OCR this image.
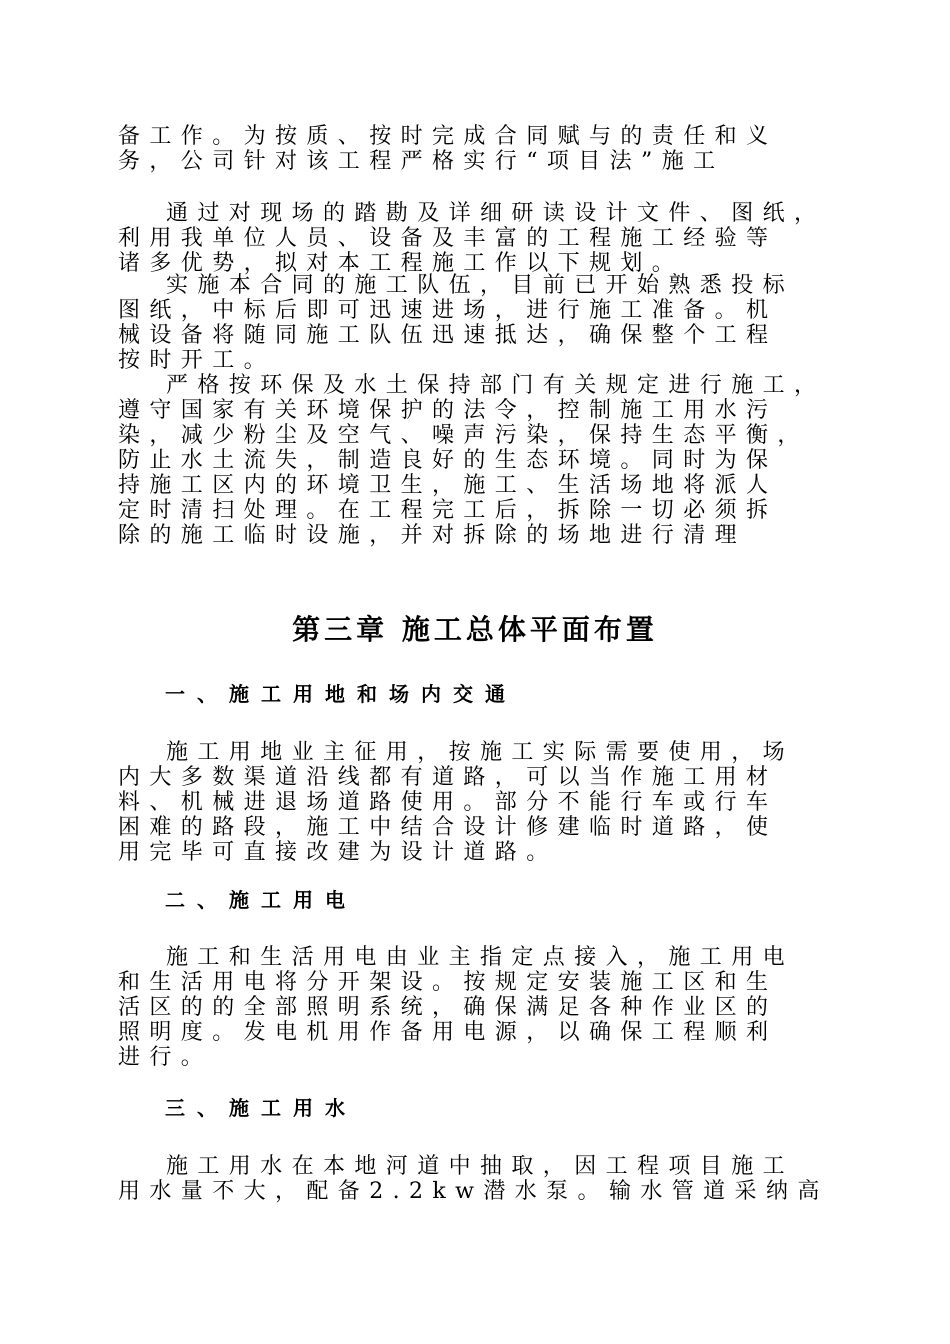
备工作。为按质、按时完成合同赋与的责任和义
务，公司针对该工程严格实行“项目法”施工
通过对现场的踏勘及详细研读设计文件、图纸，
利用我单位人员、设备及丰富的工程施工经验等
诸多优势，拟对本工程施工作以下规划。
实施本合同的施工队伍，目前已开始熟悉投标
图纸，中标后即可迅速进场，进行施工准备。机
械设备将随同施工队伍迅速抵达，确保整个工程
按时开工。
严格按环保及水土保持部门有关规定进行施工，
遵守国家有关环境保护的法令，控制施工用水污
染，减少粉尘及空气、噪声污染，保持生态平衡，
防止水土流失，制造良好的生态环境。同时为保
持施工区内的环境卫生，施工、生活场地将派人
定时清扫处理。在工程完工后，拆除一切必须拆
除的施工临时设施，并对拆除的场地进行清理
施工用地业主征用，按施工实际需要使用，场
内大多数渠道沿线都有道路，可以当作施工用材
料、机械进退场道路使用。部分不能行车或行车
困难的路段，施工中结合设计修建临时道路，使
用完毕可直接改建为设计道路。
施工和生活用电由业主指定点接入，施工用电
和生活用电将分开架设。按规定安装施工区和生
活区的的全部照明系统，确保满足各种作业区的
照明度。发电机用作备用电源，以确保工程顺利
进行。
施工用水在本地河道中抽取，因工程项目施工
用水量不大，配备2.2kw潜水泵。输水管道采纳高
一、施工用地和场内交通
二、施工用电
三、施工用水
第三章 施工总体平面布置
